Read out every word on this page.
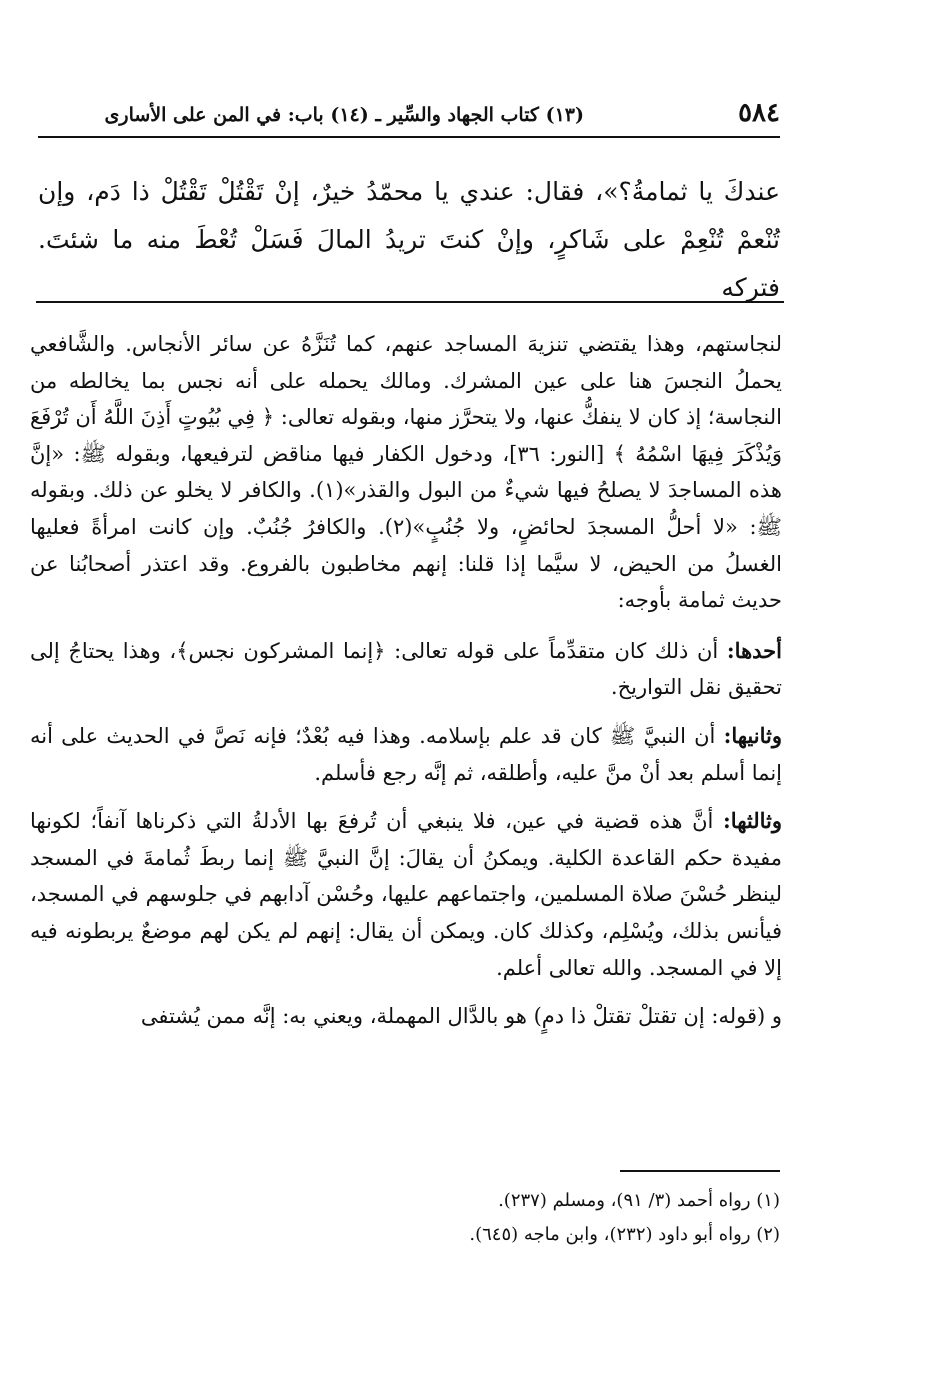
٥٨٤
(١٣) كتاب الجهاد والسِّير ـ (١٤) باب: في المن على الأسارى

عندكَ يا ثمامةُ؟»، فقال: عندي يا محمّدُ خيرٌ، إنْ تَقْتُلْ تَقْتُلْ ذا دَم، وإن

تُنْعمْ تُنْعِمْ على شَاكرٍ، وإنْ كنتَ تريدُ المالَ فَسَلْ تُعْطَ منه ما شئتَ. فتركه

لنجاستهم، وهذا يقتضي تنزيهَ المساجد عنهم، كما تُنَزَّهُ عن سائر الأنجاس. والشَّافعي يحملُ النجسَ هنا على عين المشرك. ومالك يحمله على أنه نجس بما يخالطه من النجاسة؛ إذ كان لا ينفكُّ عنها، ولا يتحرَّز منها، وبقوله تعالى: ﴿ فِي بُيُوتٍ أَذِنَ اللَّهُ أَن تُرْفَعَ وَيُذْكَرَ فِيهَا اسْمُهُ ﴾ [النور: ٣٦]، ودخول الكفار فيها مناقض لترفيعها، وبقوله ﷺ: «إنَّ هذه المساجدَ لا يصلحُ فيها شيءٌ من البول والقذر»(١). والكافر لا يخلو عن ذلك. وبقوله ﷺ: «لا أحلُّ المسجدَ لحائضٍ، ولا جُنُبٍ»(٢). والكافرُ جُنُبٌ. وإن كانت امرأةً فعليها الغسلُ من الحيض، لا سيَّما إذا قلنا: إنهم مخاطبون بالفروع. وقد اعتذر أصحابُنا عن حديث ثمامة بأوجه:

أحدها: أن ذلك كان متقدِّماً على قوله تعالى: ﴿إنما المشركون نجس﴾، وهذا يحتاجُ إلى تحقيق نقل التواريخ.

وثانيها: أن النبيَّ ﷺ كان قد علم بإسلامه. وهذا فيه بُعْدٌ؛ فإنه نَصَّ في الحديث على أنه إنما أسلم بعد أنْ منَّ عليه، وأطلقه، ثم إنَّه رجع فأسلم.

وثالثها: أنَّ هذه قضية في عين، فلا ينبغي أن تُرفعَ بها الأدلةُ التي ذكرناها آنفاً؛ لكونها مفيدة حكم القاعدة الكلية. ويمكنُ أن يقالَ: إنَّ النبيَّ ﷺ إنما ربطَ ثُمامةَ في المسجد لينظر حُسْنَ صلاة المسلمين، واجتماعهم عليها، وحُسْن آدابهم في جلوسهم في المسجد، فيأنس بذلك، ويُسْلِم، وكذلك كان. ويمكن أن يقال: إنهم لم يكن لهم موضعٌ يربطونه فيه إلا في المسجد. والله تعالى أعلم.

و (قوله: إن تقتلْ تقتلْ ذا دمٍ) هو بالدَّال المهملة، ويعني به: إنَّه ممن يُشتفى

(١) رواه أحمد (٣/ ٩١)، ومسلم (٢٣٧).
(٢) رواه أبو داود (٢٣٢)، وابن ماجه (٦٤٥).
